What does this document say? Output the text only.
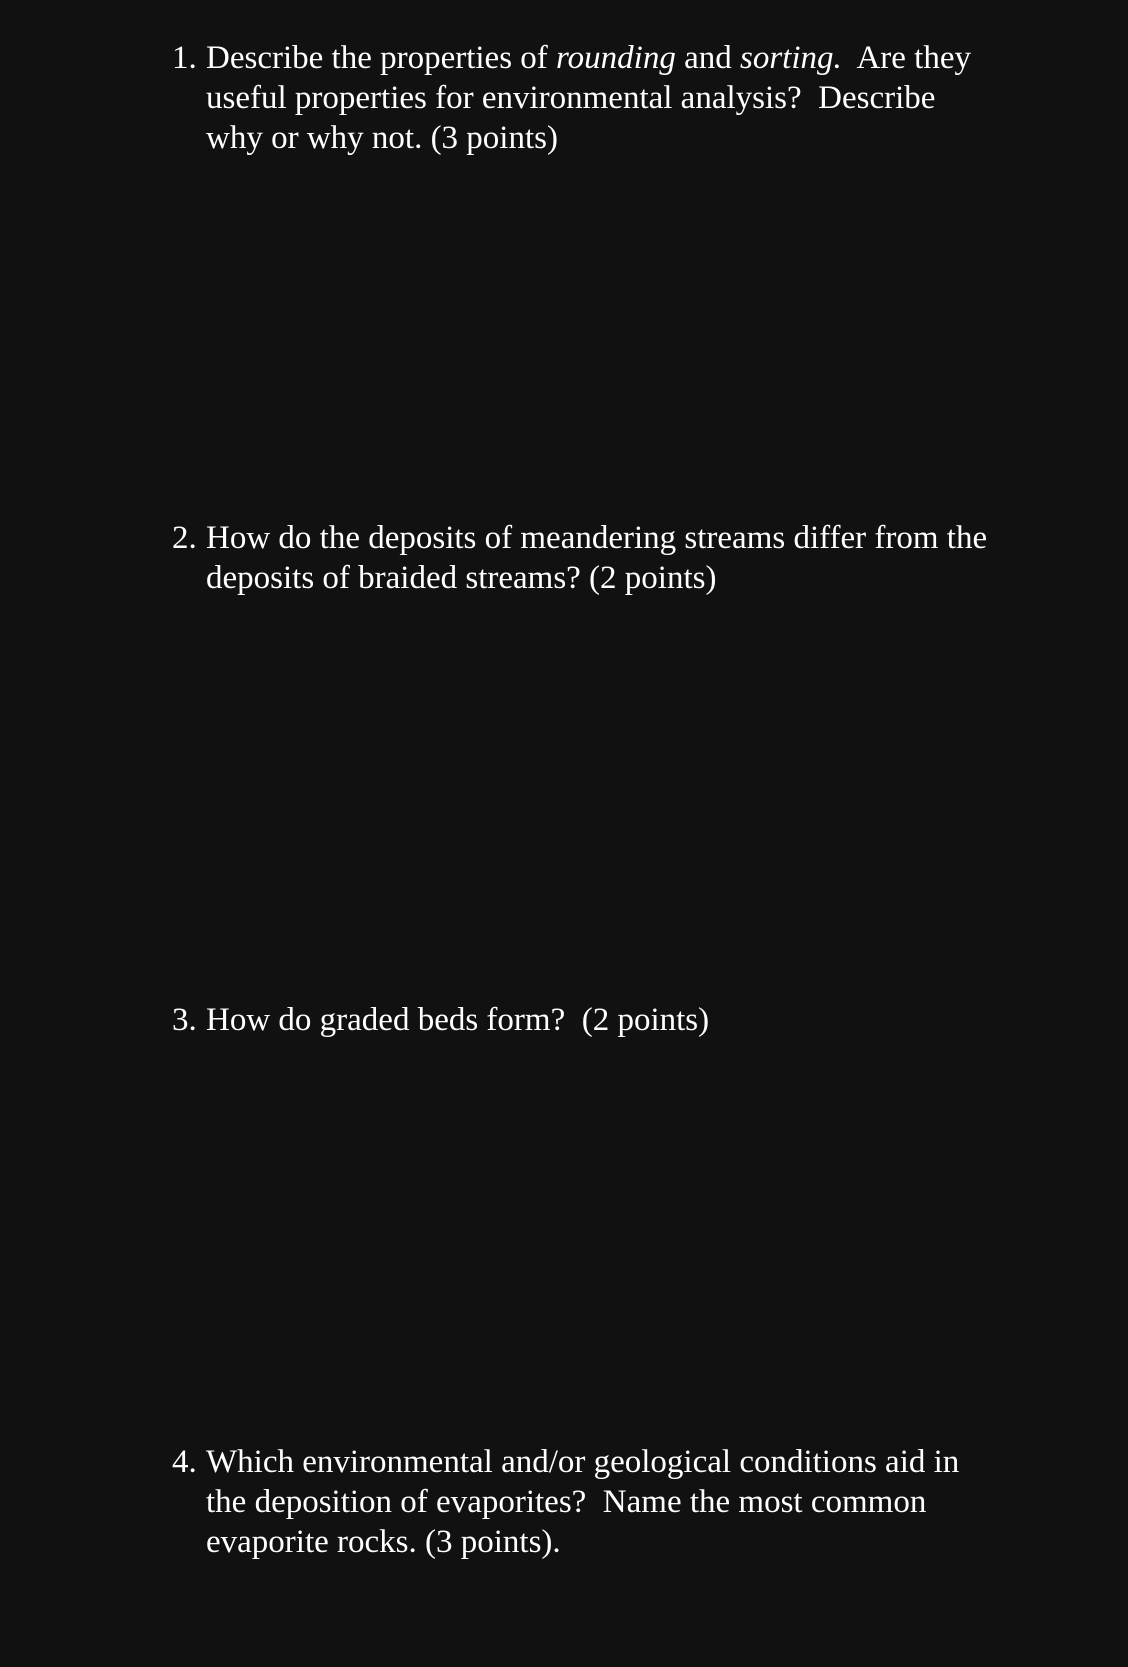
1. Describe the properties of rounding and sorting.  Are they
useful properties for environmental analysis?  Describe
why or why not. (3 points)
2. How do the deposits of meandering streams differ from the
deposits of braided streams? (2 points)
3. How do graded beds form?  (2 points)
4. Which environmental and/or geological conditions aid in
the deposition of evaporites?  Name the most common
evaporite rocks. (3 points).
